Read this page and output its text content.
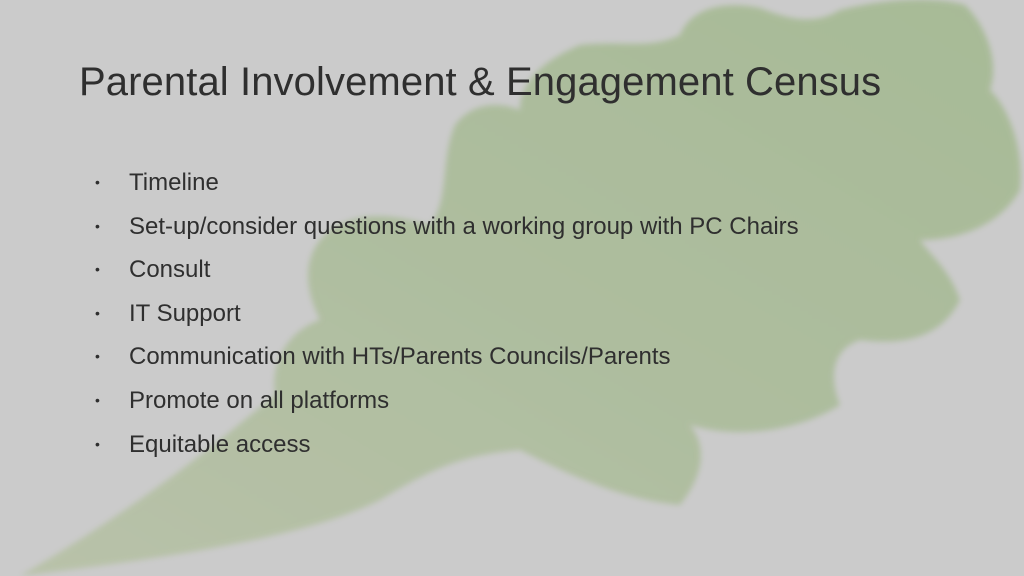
Parental Involvement & Engagement Census
• Timeline
• Set-up/consider questions with a working group with PC Chairs
• Consult
• IT Support
• Communication with HTs/Parents Councils/Parents
• Promote on all platforms
• Equitable access
